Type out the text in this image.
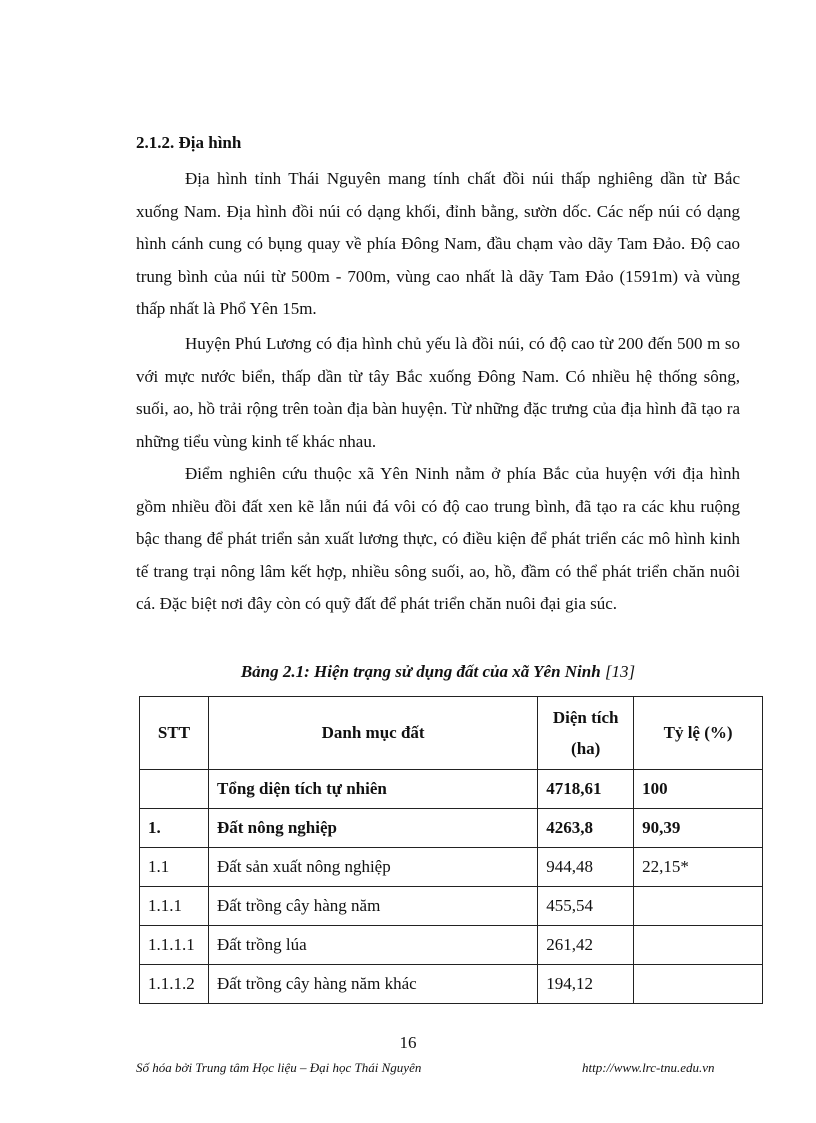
2.1.2. Địa hình

Địa hình tỉnh Thái Nguyên mang tính chất đồi núi thấp nghiêng dần từ Bắc xuống Nam. Địa hình đồi núi có dạng khối, đỉnh bằng, sườn dốc. Các nếp núi có dạng hình cánh cung có bụng quay về phía Đông Nam, đầu chạm vào dãy Tam Đảo. Độ cao trung bình của núi từ 500m - 700m, vùng cao nhất là dãy Tam Đảo (1591m) và vùng thấp nhất là Phổ Yên 15m.

Huyện Phú Lương có địa hình chủ yếu là đồi núi, có độ cao từ 200 đến 500 m so với mực nước biển, thấp dần từ tây Bắc xuống Đông Nam. Có nhiều hệ thống sông, suối, ao, hồ trải rộng trên toàn địa bàn huyện. Từ những đặc trưng của địa hình đã tạo ra những tiểu vùng kinh tế khác nhau.

Điểm nghiên cứu thuộc xã Yên Ninh nằm ở phía Bắc của huyện với địa hình gồm nhiều đồi đất xen kẽ lẫn núi đá vôi có độ cao trung bình, đã tạo ra các khu ruộng bậc thang để phát triển sản xuất lương thực, có điều kiện để phát triển các mô hình kinh tế trang trại nông lâm kết hợp, nhiều sông suối, ao, hồ, đầm có thể phát triển chăn nuôi cá. Đặc biệt nơi đây còn có quỹ đất để phát triển chăn nuôi đại gia súc.

Bảng 2.1: Hiện trạng sử dụng đất của xã Yên Ninh [13]
STT	Danh mục đất	Diện tích (ha)	Tỷ lệ (%)
	Tổng diện tích tự nhiên	4718,61	100
1.	Đất nông nghiệp	4263,8	90,39
1.1	Đất sản xuất nông nghiệp	944,48	22,15*
1.1.1	Đất trồng cây hàng năm	455,54	
1.1.1.1	Đất trồng lúa	261,42	
1.1.1.2	Đất trồng cây hàng năm khác	194,12	
16
Số hóa bởi Trung tâm Học liệu – Đại học Thái Nguyên	http://www.lrc-tnu.edu.vn
